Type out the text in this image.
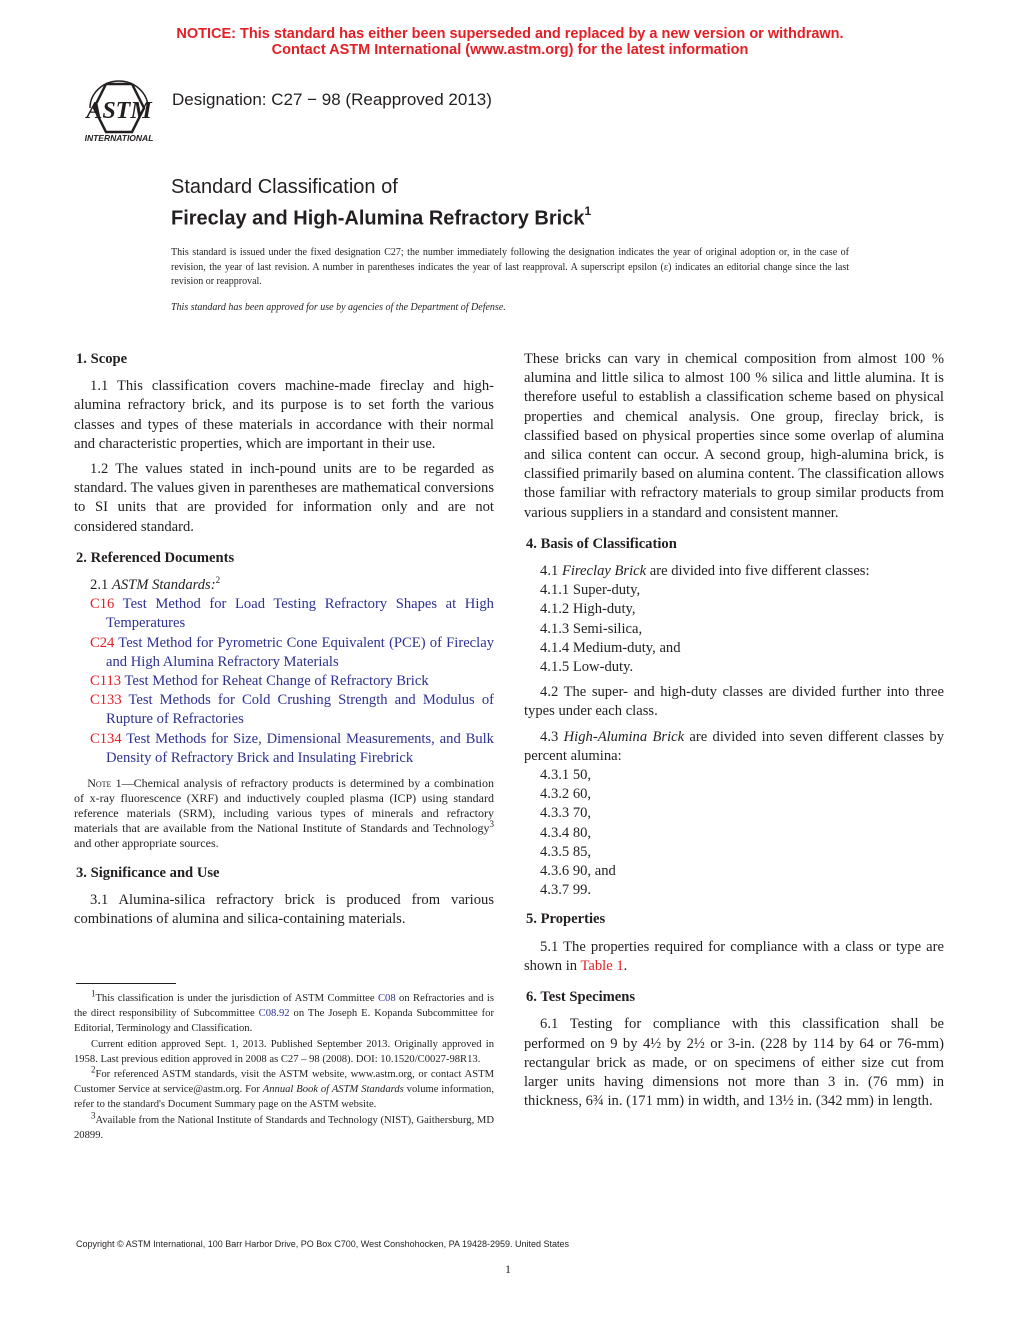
NOTICE: This standard has either been superseded and replaced by a new version or withdrawn.
Contact ASTM International (www.astm.org) for the latest information
ASTM
INTERNATIONAL
Designation: C27 − 98 (Reapproved 2013)
Standard Classification of
Fireclay and High-Alumina Refractory Brick$^1$
This standard is issued under the fixed designation C27; the number immediately following the designation indicates the year of original adoption or, in the case of revision, the year of last revision. A number in parentheses indicates the year of last reapproval. A superscript epsilon (ε) indicates an editorial change since the last revision or reapproval.
This standard has been approved for use by agencies of the Department of Defense.
1. Scope

1.1 This classification covers machine-made fireclay and high-alumina refractory brick, and its purpose is to set forth the various classes and types of these materials in accordance with their normal and characteristic properties, which are important in their use.

1.2 The values stated in inch-pound units are to be regarded as standard. The values given in parentheses are mathematical conversions to SI units that are provided for information only and are not considered standard.

2. Referenced Documents

2.1 ASTM Standards:$^2$

C16 Test Method for Load Testing Refractory Shapes at High Temperatures

C24 Test Method for Pyrometric Cone Equivalent (PCE) of Fireclay and High Alumina Refractory Materials

C113 Test Method for Reheat Change of Refractory Brick

C133 Test Methods for Cold Crushing Strength and Modulus of Rupture of Refractories

C134 Test Methods for Size, Dimensional Measurements, and Bulk Density of Refractory Brick and Insulating Firebrick

Note 1—Chemical analysis of refractory products is determined by a combination of x-ray fluorescence (XRF) and inductively coupled plasma (ICP) using standard reference materials (SRM), including various types of minerals and refractory materials that are available from the National Institute of Standards and Technology$^3$ and other appropriate sources.

3. Significance and Use

3.1 Alumina-silica refractory brick is produced from various combinations of alumina and silica-containing materials.

$^1$This classification is under the jurisdiction of ASTM Committee C08 on Refractories and is the direct responsibility of Subcommittee C08.92 on The Joseph E. Kopanda Subcommittee for Editorial, Terminology and Classification.

Current edition approved Sept. 1, 2013. Published September 2013. Originally approved in 1958. Last previous edition approved in 2008 as C27 – 98 (2008). DOI: 10.1520/C0027-98R13.

$^2$For referenced ASTM standards, visit the ASTM website, www.astm.org, or contact ASTM Customer Service at service@astm.org. For Annual Book of ASTM Standards volume information, refer to the standard's Document Summary page on the ASTM website.

$^3$Available from the National Institute of Standards and Technology (NIST), Gaithersburg, MD 20899.

These bricks can vary in chemical composition from almost 100 % alumina and little silica to almost 100 % silica and little alumina. It is therefore useful to establish a classification scheme based on physical properties and chemical analysis. One group, fireclay brick, is classified based on physical properties since some overlap of alumina and silica content can occur. A second group, high-alumina brick, is classified primarily based on alumina content. The classification allows those familiar with refractory materials to group similar products from various suppliers in a standard and consistent manner.

4. Basis of Classification

4.1 Fireclay Brick are divided into five different classes:

4.1.1 Super-duty,
4.1.2 High-duty,
4.1.3 Semi-silica,
4.1.4 Medium-duty, and
4.1.5 Low-duty.

4.2 The super- and high-duty classes are divided further into three types under each class.

4.3 High-Alumina Brick are divided into seven different classes by percent alumina:

4.3.1 50,
4.3.2 60,
4.3.3 70,
4.3.4 80,
4.3.5 85,
4.3.6 90, and
4.3.7 99.
5. Properties

5.1 The properties required for compliance with a class or type are shown in Table 1.

6. Test Specimens

6.1 Testing for compliance with this classification shall be performed on 9 by 4½ by 2½ or 3-in. (228 by 114 by 64 or 76-mm) rectangular brick as made, or on specimens of either size cut from larger units having dimensions not more than 3 in. (76 mm) in thickness, 6¾ in. (171 mm) in width, and 13½ in. (342 mm) in length.

Copyright © ASTM International, 100 Barr Harbor Drive, PO Box C700, West Conshohocken, PA 19428-2959. United States
1
